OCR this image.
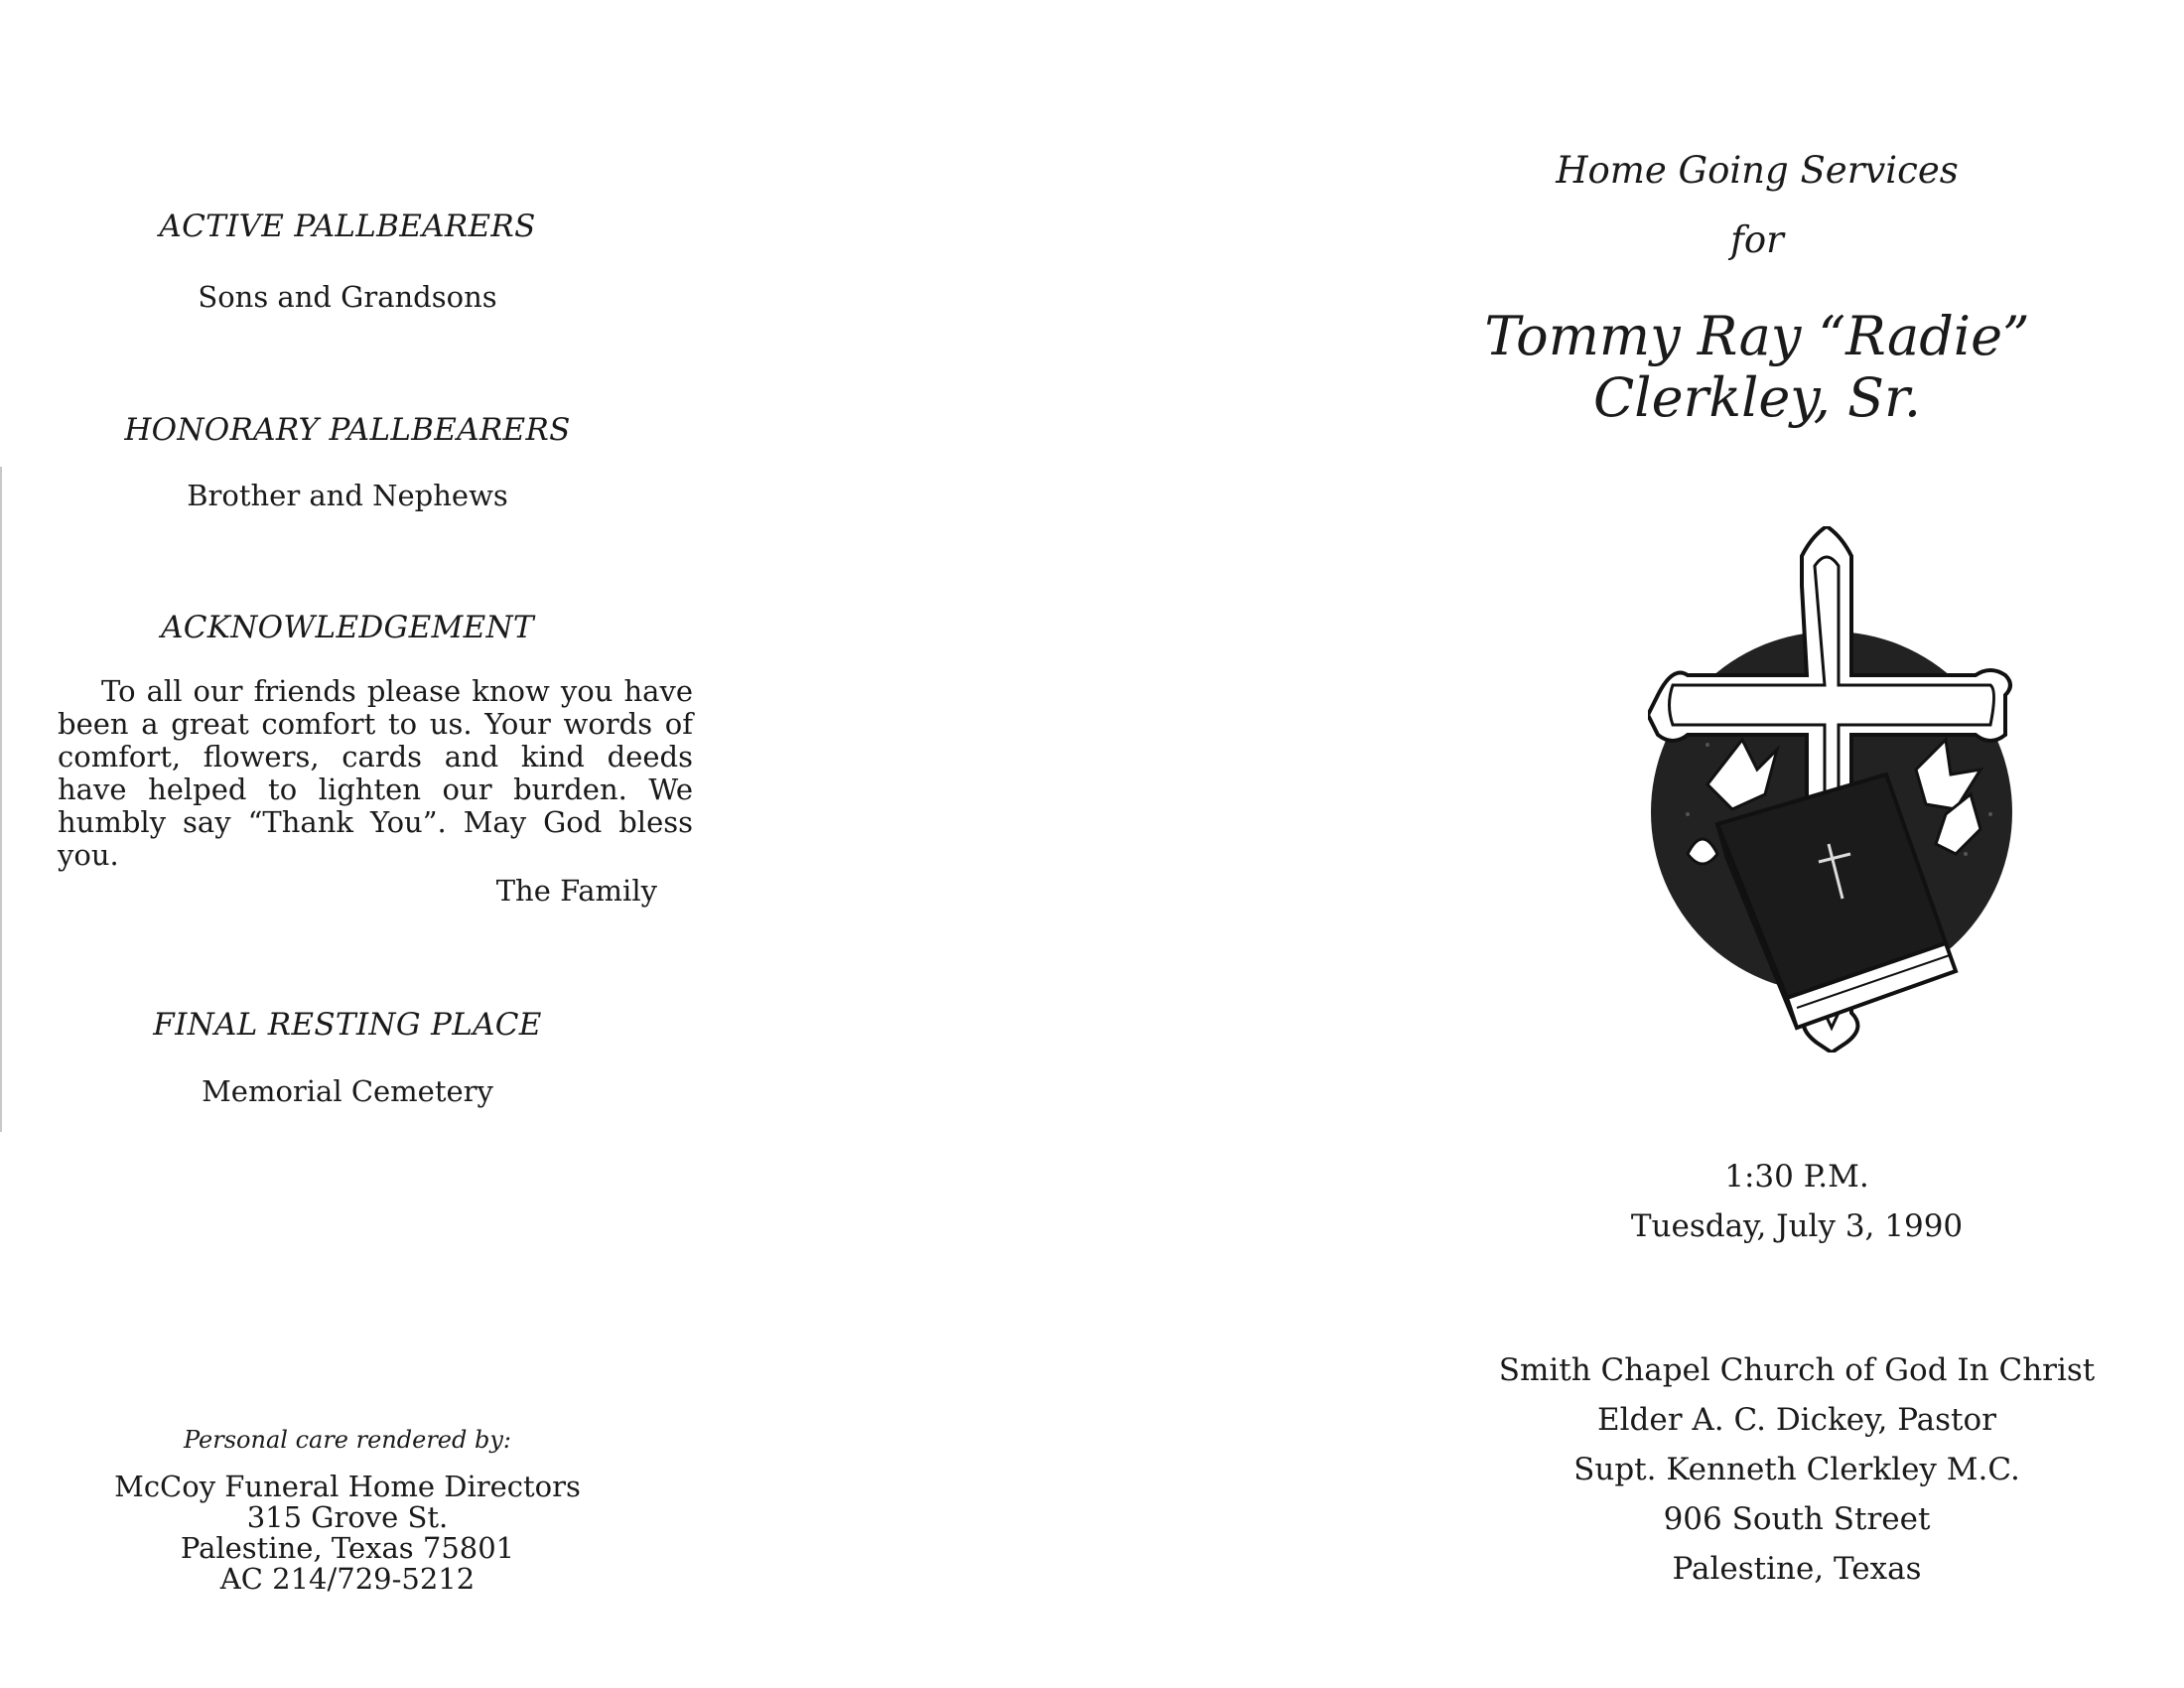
ACTIVE PALLBEARERS
Sons and Grandsons
HONORARY PALLBEARERS
Brother and Nephews
ACKNOWLEDGEMENT

To all our friends please know you have been a great comfort to us. Your words of comfort, flowers, cards and kind deeds have helped to lighten our burden. We humbly say “Thank You”. May God bless you.

The Family
FINAL RESTING PLACE
Memorial Cemetery
Personal care rendered by:
McCoy Funeral Home Directors
315 Grove St.
Palestine, Texas 75801
AC 214/729-5212
Home Going Services
for
Tommy Ray “Radie”
Clerkley, Sr.
1:30 P.M.
Tuesday, July 3, 1990
Smith Chapel Church of God In Christ
Elder A. C. Dickey, Pastor
Supt. Kenneth Clerkley M.C.
906 South Street
Palestine, Texas
